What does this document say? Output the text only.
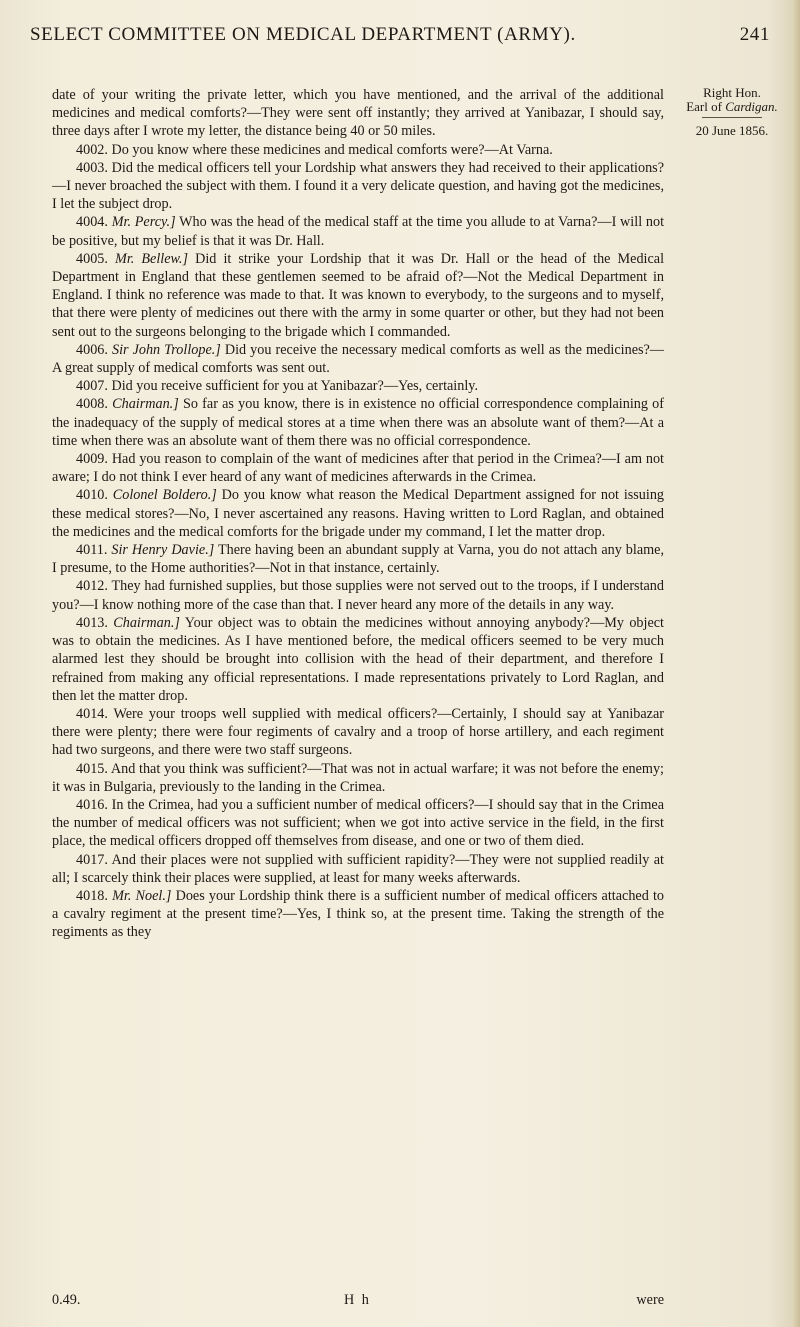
SELECT COMMITTEE ON MEDICAL DEPARTMENT (ARMY).	241
Right Hon.
Earl of Cardigan.
20 June 1856.

date of your writing the private letter, which you have mentioned, and the arrival of the additional medicines and medical comforts?—They were sent off instantly; they arrived at Yanibazar, I should say, three days after I wrote my letter, the distance being 40 or 50 miles.

4002. Do you know where these medicines and medical comforts were?—At Varna.

4003. Did the medical officers tell your Lordship what answers they had received to their applications?—I never broached the subject with them. I found it a very delicate question, and having got the medicines, I let the subject drop.

4004. Mr. Percy.] Who was the head of the medical staff at the time you allude to at Varna?—I will not be positive, but my belief is that it was Dr. Hall.

4005. Mr. Bellew.] Did it strike your Lordship that it was Dr. Hall or the head of the Medical Department in England that these gentlemen seemed to be afraid of?—Not the Medical Department in England. I think no reference was made to that. It was known to everybody, to the surgeons and to myself, that there were plenty of medicines out there with the army in some quarter or other, but they had not been sent out to the surgeons belonging to the brigade which I commanded.

4006. Sir John Trollope.] Did you receive the necessary medical comforts as well as the medicines?—A great supply of medical comforts was sent out.

4007. Did you receive sufficient for you at Yanibazar?—Yes, certainly.

4008. Chairman.] So far as you know, there is in existence no official correspondence complaining of the inadequacy of the supply of medical stores at a time when there was an absolute want of them?—At a time when there was an absolute want of them there was no official correspondence.

4009. Had you reason to complain of the want of medicines after that period in the Crimea?—I am not aware; I do not think I ever heard of any want of medicines afterwards in the Crimea.

4010. Colonel Boldero.] Do you know what reason the Medical Department assigned for not issuing these medical stores?—No, I never ascertained any reasons. Having written to Lord Raglan, and obtained the medicines and the medical comforts for the brigade under my command, I let the matter drop.

4011. Sir Henry Davie.] There having been an abundant supply at Varna, you do not attach any blame, I presume, to the Home authorities?—Not in that instance, certainly.

4012. They had furnished supplies, but those supplies were not served out to the troops, if I understand you?—I know nothing more of the case than that. I never heard any more of the details in any way.

4013. Chairman.] Your object was to obtain the medicines without annoying anybody?—My object was to obtain the medicines. As I have mentioned before, the medical officers seemed to be very much alarmed lest they should be brought into collision with the head of their department, and therefore I refrained from making any official representations. I made representations privately to Lord Raglan, and then let the matter drop.

4014. Were your troops well supplied with medical officers?—Certainly, I should say at Yanibazar there were plenty; there were four regiments of cavalry and a troop of horse artillery, and each regiment had two surgeons, and there were two staff surgeons.

4015. And that you think was sufficient?—That was not in actual warfare; it was not before the enemy; it was in Bulgaria, previously to the landing in the Crimea.

4016. In the Crimea, had you a sufficient number of medical officers?—I should say that in the Crimea the number of medical officers was not sufficient; when we got into active service in the field, in the first place, the medical officers dropped off themselves from disease, and one or two of them died.

4017. And their places were not supplied with sufficient rapidity?—They were not supplied readily at all; I scarcely think their places were supplied, at least for many weeks afterwards.

4018. Mr. Noel.] Does your Lordship think there is a sufficient number of medical officers attached to a cavalry regiment at the present time?—Yes, I think so, at the present time. Taking the strength of the regiments as they

0.49.	H h	were
